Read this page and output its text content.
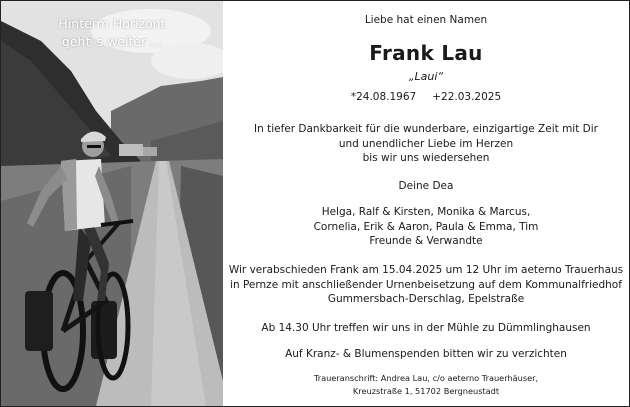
Hinterm Horizont
geht`s weiter ...
Liebe hat einen Namen
Frank Lau
„Laui“
*24.08.1967 +22.03.2025
In tiefer Dankbarkeit für die wunderbare, einzigartige Zeit mit Dir
und unendlicher Liebe im Herzen
bis wir uns wiedersehen
Deine Dea
Helga, Ralf & Kirsten, Monika & Marcus,
Cornelia, Erik & Aaron, Paula & Emma, Tim
Freunde & Verwandte
Wir verabschieden Frank am 15.04.2025 um 12 Uhr im aeterno Trauerhaus
in Pernze mit anschließender Urnenbeisetzung auf dem Kommunalfriedhof
Gummersbach-Derschlag, Epelstraße
Ab 14.30 Uhr treffen wir uns in der Mühle zu Dümmlinghausen
Auf Kranz- & Blumenspenden bitten wir zu verzichten
Traueranschrift: Andrea Lau, c/o aeterno Trauerhäuser,
Kreuzstraße 1, 51702 Bergneustadt
